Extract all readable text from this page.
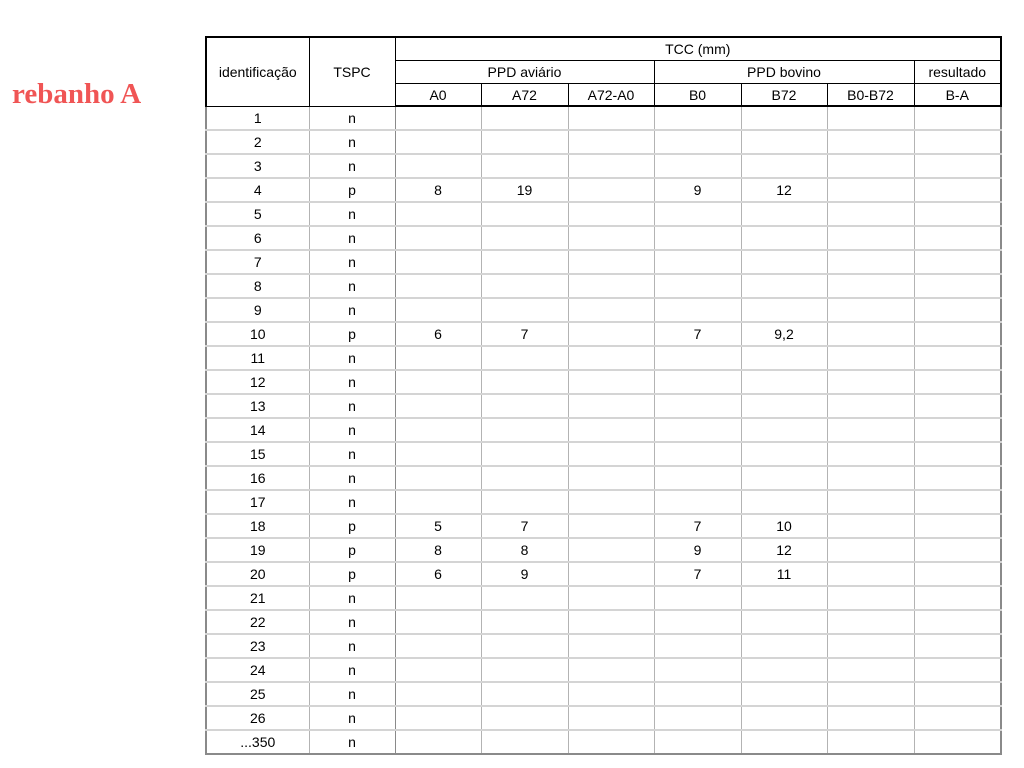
rebanho A
identificação	TSPC	TCC (mm)						
		PPD aviário			PPD bovino			resultado
		A0	A72	A72-A0	B0	B72	B0-B72	B-A
1	n							
2	n							
3	n							
4	p	8	19		9	12		
5	n							
6	n							
7	n							
8	n							
9	n							
10	p	6	7		7	9,2		
11	n							
12	n							
13	n							
14	n							
15	n							
16	n							
17	n							
18	p	5	7		7	10		
19	p	8	8		9	12		
20	p	6	9		7	11		
21	n							
22	n							
23	n							
24	n							
25	n							
26	n							
...350	n							
